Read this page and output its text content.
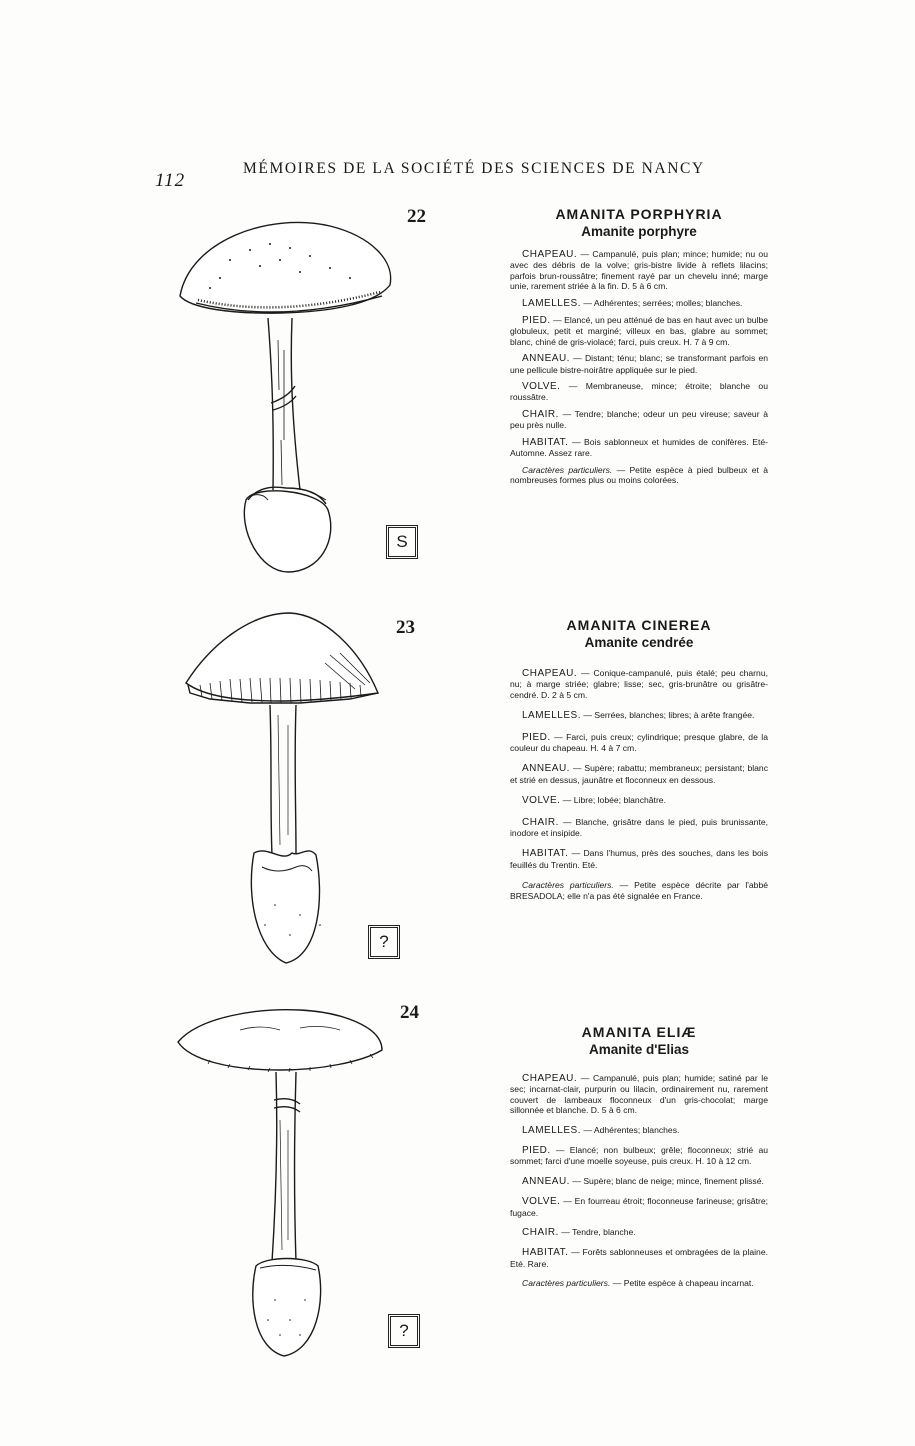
112
MÉMOIRES DE LA SOCIÉTÉ DES SCIENCES DE NANCY
22
S

AMANITA PORPHYRIA

Amanite porphyre

CHAPEAU. — Campanulé, puis plan; mince; humide; nu ou avec des débris de la volve; gris-bistre livide à reflets lilacins; parfois brun-roussâtre; finement rayé par un chevelu inné; marge unie, rarement striée à la fin. D. 5 à 6 cm.

LAMELLES. — Adhérentes; serrées; molles; blanches.

PIED. — Elancé, un peu atténué de bas en haut avec un bulbe globuleux, petit et marginé; villeux en bas, glabre au sommet; blanc, chiné de gris-violacé; farci, puis creux. H. 7 à 9 cm.

ANNEAU. — Distant; ténu; blanc; se transformant parfois en une pellicule bistre-noirâtre appliquée sur le pied.

VOLVE. — Membraneuse, mince; étroite; blanche ou roussâtre.

CHAIR. — Tendre; blanche; odeur un peu vireuse; saveur à peu près nulle.

HABITAT. — Bois sablonneux et humides de conifères. Eté-Automne. Assez rare.

Caractères particuliers. — Petite espèce à pied bulbeux et à nombreuses formes plus ou moins colorées.

23
?

AMANITA CINEREA

Amanite cendrée

CHAPEAU. — Conique-campanulé, puis étalé; peu charnu, nu; à marge striée; glabre; lisse; sec, gris-brunâtre ou grisâtre-cendré. D. 2 à 5 cm.

LAMELLES. — Serrées, blanches; libres; à arête frangée.

PIED. — Farci, puis creux; cylindrique; presque glabre, de la couleur du chapeau. H. 4 à 7 cm.

ANNEAU. — Supère; rabattu; membraneux; persistant; blanc et strié en dessus, jaunâtre et floconneux en dessous.

VOLVE. — Libre; lobée; blanchâtre.

CHAIR. — Blanche, grisâtre dans le pied, puis brunissante, inodore et insipide.

HABITAT. — Dans l'humus, près des souches, dans les bois feuillés du Trentin. Eté.

Caractères particuliers. — Petite espèce décrite par l'abbé BRESADOLA; elle n'a pas été signalée en France.

24
?

AMANITA ELIÆ

Amanite d'Elias

CHAPEAU. — Campanulé, puis plan; humide; satiné par le sec; incarnat-clair, purpurin ou lilacin, ordinairement nu, rarement couvert de lambeaux floconneux d'un gris-chocolat; marge sillonnée et blanche. D. 5 à 6 cm.

LAMELLES. — Adhérentes; blanches.

PIED. — Elancé; non bulbeux; grêle; floconneux; strié au sommet; farci d'une moelle soyeuse, puis creux. H. 10 à 12 cm.

ANNEAU. — Supère; blanc de neige; mince, finement plissé.

VOLVE. — En fourreau étroit; floconneuse farineuse; grisâtre; fugace.

CHAIR. — Tendre, blanche.

HABITAT. — Forêts sablonneuses et ombragées de la plaine. Eté. Rare.

Caractères particuliers. — Petite espèce à chapeau incarnat.
